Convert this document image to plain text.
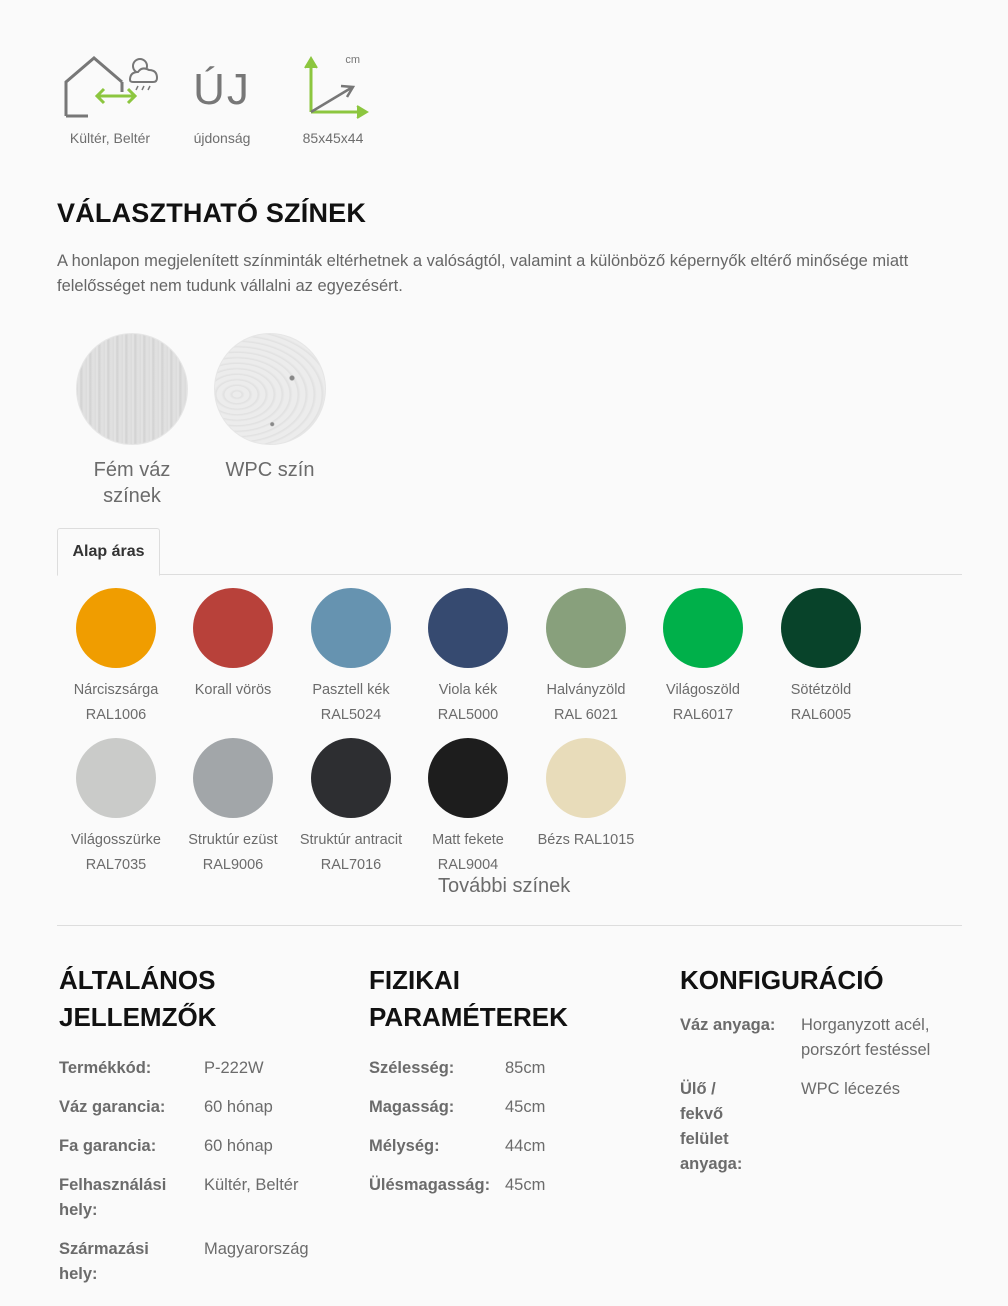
Kültér, Beltér
ÚJ
újdonság
cm
85x45x44
VÁLASZTHATÓ SZÍNEK

A honlapon megjelenített színminták eltérhetnek a valóságtól, valamint a különböző képernyők eltérő minősége miatt felelősséget nem tudunk vállalni az egyezésért.

Fém váz színek
WPC szín
Alap áras
Nárciszsárga
RAL1006
Korall vörös	Pasztell kék
RAL5024
Viola kék
RAL5000
Halványzöld
RAL 6021
Világoszöld
RAL6017
Sötétzöld
RAL6005
Világosszürke
RAL7035
Struktúr ezüst
RAL9006
Struktúr antracit
RAL7016
Matt fekete
RAL9004
Bézs RAL1015
További színek
ÁLTALÁNOS
JELLEMZŐK
Termékkód:	P-222W
Váz garancia:	60 hónap
Fa garancia:	60 hónap
Felhasználási hely:
Kültér, Beltér
Származási hely:
Magyarország
FIZIKAI
PARAMÉTEREK
Szélesség:	85cm
Magasság:	45cm
Mélység:	44cm
Ülésmagasság: 45cm
KONFIGURÁCIÓ
Váz anyaga:	Horganyzott acél, porszórt festéssel
Ülő / fekvő felület anyaga:
WPC lécezés
